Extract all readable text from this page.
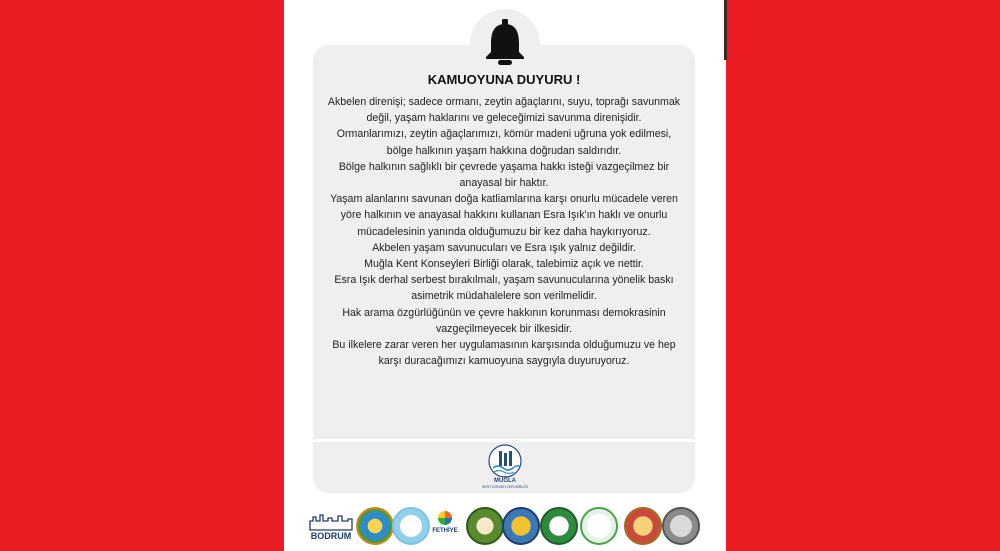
KAMUOYUNA DUYURU !

Akbelen direnişi; sadece ormanı, zeytin ağaçlarını, suyu, toprağı savunmak değil, yaşam haklarını ve geleceğimizi savunma direnişidir.

Ormanlarımızı, zeytin ağaçlarımızı, kömür madeni uğruna yok edilmesi, bölge halkının yaşam hakkına doğrudan saldırıdır.

Bölge halkının sağlıklı bir çevrede yaşama hakkı isteği vazgeçilmez bir anayasal bir haktır.

Yaşam alanlarını savunan doğa katliamlarına karşı onurlu mücadele veren yöre halkının ve anayasal hakkını kullanan Esra Işık'ın haklı ve onurlu mücadelesinin yanında olduğumuzu bir kez daha haykırıyoruz.

Akbelen yaşam savunucuları ve Esra ışık yalnız değildir.

Muğla Kent Konseyleri Birliği olarak, talebimiz açık ve nettir.

Esra Işık derhal serbest bırakılmalı, yaşam savunucularına yönelik baskı asimetrik müdahalelere son verilmelidir.

Hak arama özgürlüğünün ve çevre hakkının korunması demokrasinin vazgeçilmeyecek bir ilkesidir.

Bu ilkelere zarar veren her uygulamasının karşısında olduğumuzu ve hep karşı duracağımızı kamuoyuna saygıyla duyuruyoruz.

MUĞLA
KENT KONSEYLERİ BİRLİĞİ
BODRUM	FETHİYE
